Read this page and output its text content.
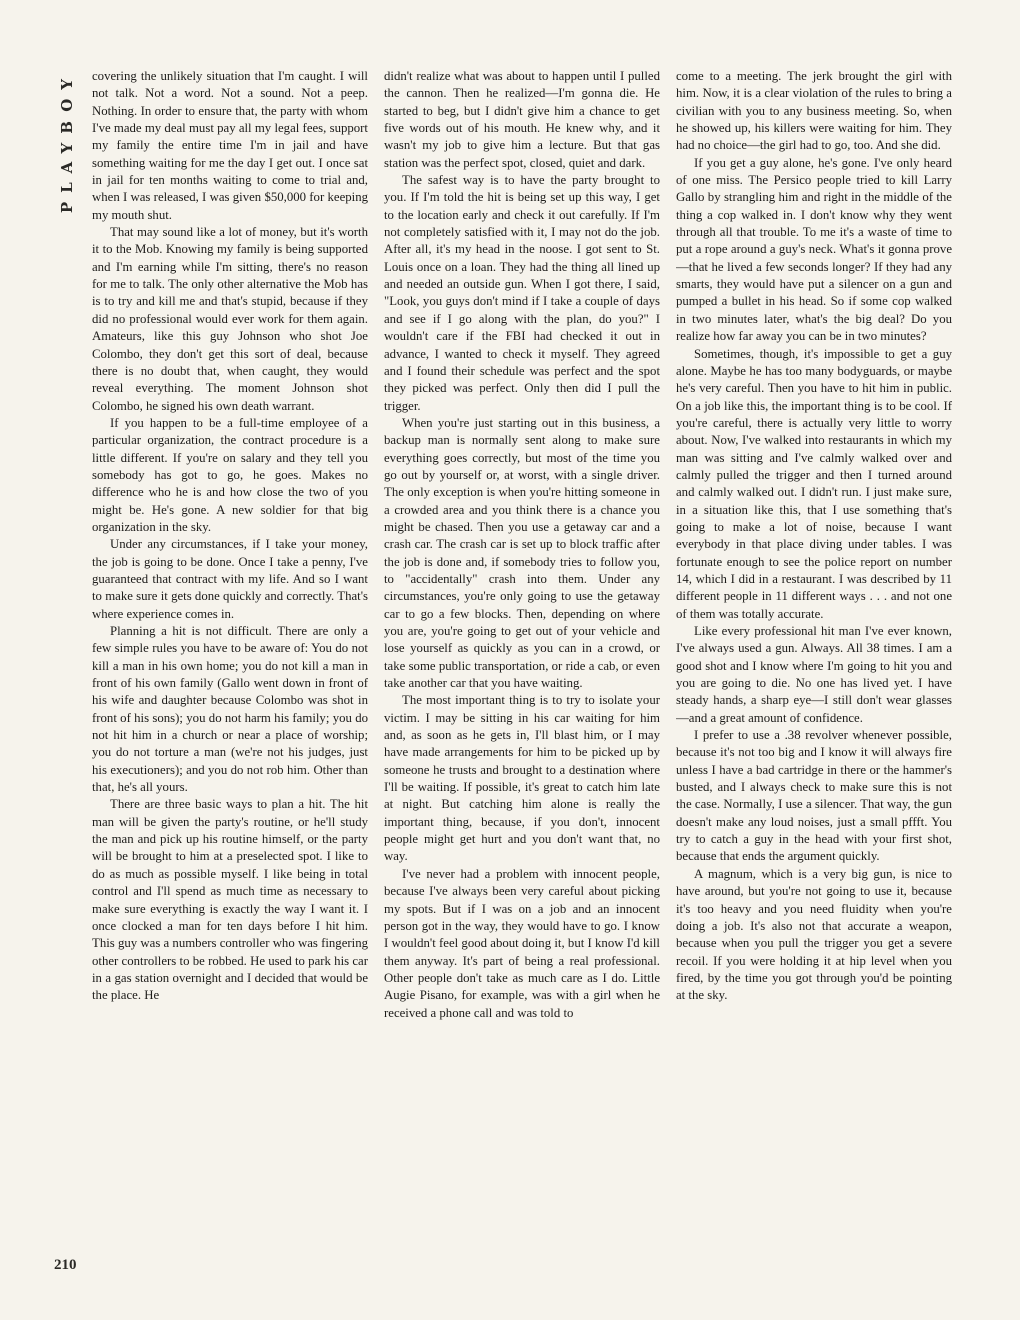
PLAYBOY
210

covering the unlikely situation that I'm caught. I will not talk. Not a word. Not a sound. Not a peep. Nothing. In order to ensure that, the party with whom I've made my deal must pay all my legal fees, support my family the entire time I'm in jail and have something waiting for me the day I get out. I once sat in jail for ten months waiting to come to trial and, when I was released, I was given $50,000 for keeping my mouth shut.

That may sound like a lot of money, but it's worth it to the Mob. Knowing my family is being supported and I'm earning while I'm sitting, there's no reason for me to talk. The only other alternative the Mob has is to try and kill me and that's stupid, because if they did no professional would ever work for them again. Amateurs, like this guy Johnson who shot Joe Colombo, they don't get this sort of deal, because there is no doubt that, when caught, they would reveal everything. The moment Johnson shot Colombo, he signed his own death warrant.

If you happen to be a full-time employee of a particular organization, the contract procedure is a little different. If you're on salary and they tell you somebody has got to go, he goes. Makes no difference who he is and how close the two of you might be. He's gone. A new soldier for that big organization in the sky.

Under any circumstances, if I take your money, the job is going to be done. Once I take a penny, I've guaranteed that contract with my life. And so I want to make sure it gets done quickly and correctly. That's where experience comes in.

Planning a hit is not difficult. There are only a few simple rules you have to be aware of: You do not kill a man in his own home; you do not kill a man in front of his own family (Gallo went down in front of his wife and daughter because Colombo was shot in front of his sons); you do not harm his family; you do not hit him in a church or near a place of worship; you do not torture a man (we're not his judges, just his executioners); and you do not rob him. Other than that, he's all yours.

There are three basic ways to plan a hit. The hit man will be given the party's routine, or he'll study the man and pick up his routine himself, or the party will be brought to him at a preselected spot. I like to do as much as possible myself. I like being in total control and I'll spend as much time as necessary to make sure everything is exactly the way I want it. I once clocked a man for ten days before I hit him. This guy was a numbers controller who was fingering other controllers to be robbed. He used to park his car in a gas station overnight and I decided that would be the place. He

didn't realize what was about to happen until I pulled the cannon. Then he realized—I'm gonna die. He started to beg, but I didn't give him a chance to get five words out of his mouth. He knew why, and it wasn't my job to give him a lecture. But that gas station was the perfect spot, closed, quiet and dark.

The safest way is to have the party brought to you. If I'm told the hit is being set up this way, I get to the location early and check it out carefully. If I'm not completely satisfied with it, I may not do the job. After all, it's my head in the noose. I got sent to St. Louis once on a loan. They had the thing all lined up and needed an outside gun. When I got there, I said, "Look, you guys don't mind if I take a couple of days and see if I go along with the plan, do you?" I wouldn't care if the FBI had checked it out in advance, I wanted to check it myself. They agreed and I found their schedule was perfect and the spot they picked was perfect. Only then did I pull the trigger.

When you're just starting out in this business, a backup man is normally sent along to make sure everything goes correctly, but most of the time you go out by yourself or, at worst, with a single driver. The only exception is when you're hitting someone in a crowded area and you think there is a chance you might be chased. Then you use a getaway car and a crash car. The crash car is set up to block traffic after the job is done and, if somebody tries to follow you, to "accidentally" crash into them. Under any circumstances, you're only going to use the getaway car to go a few blocks. Then, depending on where you are, you're going to get out of your vehicle and lose yourself as quickly as you can in a crowd, or take some public transportation, or ride a cab, or even take another car that you have waiting.

The most important thing is to try to isolate your victim. I may be sitting in his car waiting for him and, as soon as he gets in, I'll blast him, or I may have made arrangements for him to be picked up by someone he trusts and brought to a destination where I'll be waiting. If possible, it's great to catch him late at night. But catching him alone is really the important thing, because, if you don't, innocent people might get hurt and you don't want that, no way.

I've never had a problem with innocent people, because I've always been very careful about picking my spots. But if I was on a job and an innocent person got in the way, they would have to go. I know I wouldn't feel good about doing it, but I know I'd kill them anyway. It's part of being a real professional. Other people don't take as much care as I do. Little Augie Pisano, for example, was with a girl when he received a phone call and was told to

come to a meeting. The jerk brought the girl with him. Now, it is a clear violation of the rules to bring a civilian with you to any business meeting. So, when he showed up, his killers were waiting for him. They had no choice—the girl had to go, too. And she did.

If you get a guy alone, he's gone. I've only heard of one miss. The Persico people tried to kill Larry Gallo by strangling him and right in the middle of the thing a cop walked in. I don't know why they went through all that trouble. To me it's a waste of time to put a rope around a guy's neck. What's it gonna prove—that he lived a few seconds longer? If they had any smarts, they would have put a silencer on a gun and pumped a bullet in his head. So if some cop walked in two minutes later, what's the big deal? Do you realize how far away you can be in two minutes?

Sometimes, though, it's impossible to get a guy alone. Maybe he has too many bodyguards, or maybe he's very careful. Then you have to hit him in public. On a job like this, the important thing is to be cool. If you're careful, there is actually very little to worry about. Now, I've walked into restaurants in which my man was sitting and I've calmly walked over and calmly pulled the trigger and then I turned around and calmly walked out. I didn't run. I just make sure, in a situation like this, that I use something that's going to make a lot of noise, because I want everybody in that place diving under tables. I was fortunate enough to see the police report on number 14, which I did in a restaurant. I was described by 11 different people in 11 different ways . . . and not one of them was totally accurate.

Like every professional hit man I've ever known, I've always used a gun. Always. All 38 times. I am a good shot and I know where I'm going to hit you and you are going to die. No one has lived yet. I have steady hands, a sharp eye—I still don't wear glasses—and a great amount of confidence.

I prefer to use a .38 revolver whenever possible, because it's not too big and I know it will always fire unless I have a bad cartridge in there or the hammer's busted, and I always check to make sure this is not the case. Normally, I use a silencer. That way, the gun doesn't make any loud noises, just a small pffft. You try to catch a guy in the head with your first shot, because that ends the argument quickly.

A magnum, which is a very big gun, is nice to have around, but you're not going to use it, because it's too heavy and you need fluidity when you're doing a job. It's also not that accurate a weapon, because when you pull the trigger you get a severe recoil. If you were holding it at hip level when you fired, by the time you got through you'd be pointing at the sky.
